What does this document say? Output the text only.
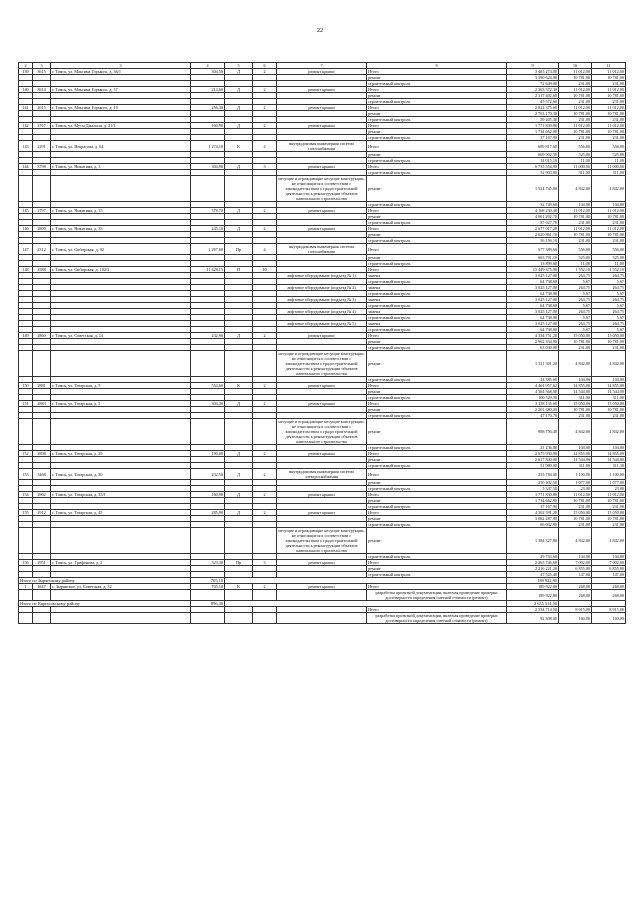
22
2	3	3	4	5	6	7	8	9	10	11
139	3615	г. Томск, ул. Максима Горького, д. 36/1	304,50	Д	2	ремонт крыши	Итого	3 465 274,00	11 012,00	11 012,00
							ремонт	3 390 624,00	10 781,00	10 781,00
							строительный контроль	72 649,00	231,00	231,00
140	3614	г. Томск, ул. Максима Горького, д. 37	214,60	Д	2	ремонт крыши	Итого	2 363 372,30	11 012,00	11 012,00
							ремонт	2 317 402,60	10 781,00	10 781,00
							строительный контроль	45 572,60	231,00	231,00
141	2615	г. Томск, ул. Максима Горького, д. 19	256,30	Д	2	ремонт крыши	Итого	2 822 375,60	11 012,00	11 012,00
							ремонт	2 763 170,30	10 781,00	10 781,00
							строительный контроль	59 205,30	231,00	231,00
142	2767	г. Томск, ул. Мусы Джалиля, д. 21/1	160,90	Д	2	ремонт крыши	Итого	1 771 830,80	11 012,00	11 012,00
							ремонт	1 734 662,90	10 781,00	10 781,00
							строительный контроль	37 167,90	231,00	231,00
143	2291	г. Томск, ул. Некрасова, д. 64	1 274,10	К	4	внутридомовая инженерная система газоснабжения	Итого	689 817,60	556,00	556,00
							ремонт	669 902,50	525,00	525,00
							строительный контроль	14 015,10	11,00	11,00
144	3798	г. Томск, ул. Никитина, д. 3	304,90	Д	3	ремонт крыши	Итого	6 735 554,90	11 000,00	11 000,00
							строительный контроль	52 903,00	311,00	311,00
						несущие и ограждающие несущие конструкции, не относящиеся к соответствии с законодательством о градостроительной деятельности к реконструкции объектов капитального строительства	ремонт	1 524 745,00	4 842,00	4 842,00
							строительный контроль	32 749,60	104,00	104,00
145	2797	г. Томск, ул. Никитина, д. 15	378,70	Д	2	ремонт крыши	Итого	4 168 230,40	11 012,00	11 012,00
							ремонт	4 061 202,70	10 781,00	10 781,00
							строительный контроль	87 027,70	231,00	231,00
146	2800	г. Томск, ул. Никитина, д. 33	245,10	Д	2	ремонт крыши	Итого	2 677 017,20	11 012,00	11 012,00
							ремонт	2 620 861,10	10 781,00	10 781,00
							строительный контроль	56 156,10	231,00	231,00
147	2312	г. Томск, ул. Сибирская, д. 92	1 267,60	Пр	4	внутридомовая инженерная система газоснабжения	Итого	677 389,60	556,00	556,00
							ремонт	665 791,10	525,00	525,00
							строительный контроль	13 899,60	11,00	11,00
148	2588	г. Томск, ул. Сибирская, д. 102/2	11 428,15	П	10		Итого	15 449 375,00	1 552,10	1 552,10
						лифтовое оборудование (подъезд № 1)	замена	3 025 127,00	264,75	264,75
							строительный контроль	64 738,00	5,67	5,67
						лифтовое оборудование (подъезд № 2)	замена	3 025 127,00	264,75	264,75
							строительный контроль	64 738,00	5,67	5,67
						лифтовое оборудование (подъезд № 3)	замена	3 025 127,00	264,75	264,75
							строительный контроль	64 738,00	5,67	5,67
						лифтовое оборудование (подъезд № 4)	замена	3 025 127,00	264,75	264,75
							строительный контроль	64 738,00	5,67	5,67
						лифтовое оборудование (подъезд № 5)	замена	3 025 127,00	264,75	264,75
							строительный контроль	64 738,00	5,67	5,67
149	2860	г. Томск, ул. Советская, д. 14	232,90	Д	2	ремонт крыши	Итого	4 334 751,20	15 050,00	15 050,00
							ремонт	2 962 334,90	10 781,00	10 781,00
							строительный контроль	63 030,90	231,00	231,00
						несущие и ограждающие несущие конструкции, не относящиеся к соответствии с законодательством о градостроительной деятельности к реконструкции объектов капитального строительства	ремонт	1 321 301,20	4 842,00	4 842,00
							строительный контроль	24 385,60	104,00	104,00
150	2881	г. Томск, ул. Татарская, д. 5	554,60	К	2	ремонт крыши	Итого	4 464 957,62	14 855,00	14 855,00
							ремонт	4 364 368,00	14 544,00	14 544,00
							строительный контроль	100 529,50	311,00	311,00
151	2883	г. Томск, ул. Татарская, д. 5	304,30	Д	2	ремонт крыши	Итого	3 358 135,60	15 050,00	15 050,00
							ремонт	2 201 480,20	10 781,00	10 781,00
							строительный контроль	47 170,70	231,00	231,00
						несущие и ограждающие несущие конструкции, не относящиеся к соответствии с законодательством о градостроительной деятельности к реконструкции объектов капитального строительства	ремонт	988 756,40	4 842,00	4 842,00
							строительный контроль	21 236,80	104,00	104,00
152	2898	г. Томск, ул. Татарская, д. 29	190,00	Д	2	ремонт крыши	Итого	2 675 930,00	14 855,00	14 855,00
							ремонт	2 617 840,00	14 544,00	14 544,00
							строительный контроль	51 980,00	311,00	311,30
153	3468	г. Томск, ул. Татарская, д. 30	232,50	Д	2	внутридомовая инженерная система электроснабжения	Итого	255 784,00	1 100,00	1 100,00
							ремонт	250 402,50	1 077,00	1 077,00
							строительный контроль	5 347,50	23,00	23,00
154	2902	г. Томск, ул. Татарская, д. 35/1	160,90	Д	2	ремонт крыши	Итого	1 771 830,80	11 012,00	11 012,00
							ремонт	1 734 662,90	10 781,00	10 781,00
							строительный контроль	37 167,90	231,00	231,00
155	2912	г. Томск, ул. Татарская, д. 45	285,90	Д	2	ремонт крыши	Итого	4 302 591,20	15 050,00	15 050,00
							ремонт	3 082 287,90	10 781,00	10 781,00
							строительный контроль	66 042,90	231,00	231,00
						несущие и ограждающие несущие конструкции, не относящиеся к соответствии с законодательством о градостроительной деятельности к реконструкции объектов капитального строительства	ремонт	1 384 327,80	4 842,00	4 842,00
							строительный контроль	29 733,60	104,00	104,00
156	2951	г. Томск, ул. Трифонова, д. 2	323,30	Пр	3	ремонт крыши	Итого	2 263 746,60	7 002,00	7 002,00
							ремонт	2 216 221,20	6 855,00	6 855,00
							строительный контроль	47 525,40	147,00	147,00
Итого по Зырянскому району			705,10					189 922,80		
1	4847	с. Зырянское, ул. Советская, д. 32	705,10	К	2	ремонт крыши	Итого	189 922,80	268,00	268,00
							разработка проектной документации, включая проведение проверки достоверности определения сметной стоимости (ремонт)	189 922,80	268,00	268,00
Итого по Каргасокскому району			896,30					2 635 314,50		
							Итого	2 534 714,50	8 915,00	8 915,00
							разработка проектной документации, включая проведение проверки достоверности определения сметной стоимости (ремонт)	92 308,00	160,00	160,00
